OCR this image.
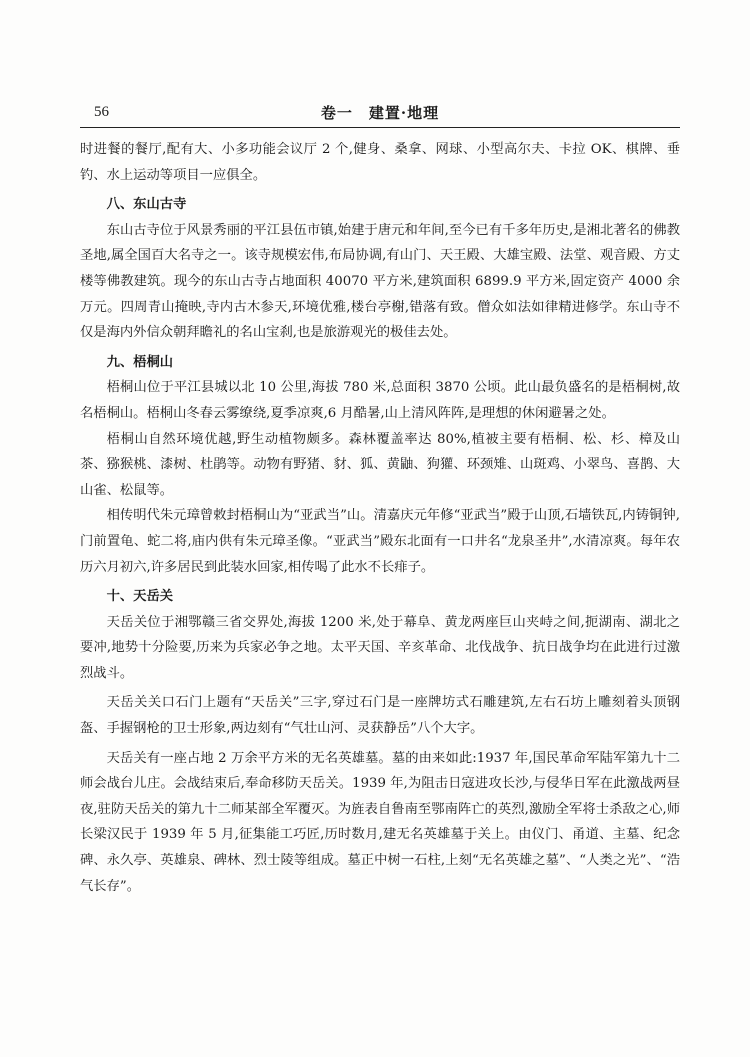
56	卷一　建置·地理

时进餐的餐厅,配有大、小多功能会议厅 2 个,健身、桑拿、网球、小型高尔夫、卡拉 OK、棋牌、垂钓、水上运动等项目一应俱全。

八、东山古寺

东山古寺位于风景秀丽的平江县伍市镇,始建于唐元和年间,至今已有千多年历史,是湘北著名的佛教圣地,属全国百大名寺之一。该寺规模宏伟,布局协调,有山门、天王殿、大雄宝殿、法堂、观音殿、方丈楼等佛教建筑。现今的东山古寺占地面积 40070 平方米,建筑面积 6899.9 平方米,固定资产 4000 余万元。四周青山掩映,寺内古木参天,环境优雅,楼台亭榭,错落有致。僧众如法如律精进修学。东山寺不仅是海内外信众朝拜瞻礼的名山宝刹,也是旅游观光的极佳去处。

九、梧桐山

梧桐山位于平江县城以北 10 公里,海拔 780 米,总面积 3870 公顷。此山最负盛名的是梧桐树,故名梧桐山。梧桐山冬春云雾缭绕,夏季凉爽,6 月酷暑,山上清风阵阵,是理想的休闲避暑之处。

梧桐山自然环境优越,野生动植物颇多。森林覆盖率达 80%,植被主要有梧桐、松、杉、樟及山茶、猕猴桃、漆树、杜鹃等。动物有野猪、豺、狐、黄鼬、狗獾、环颈雉、山斑鸡、小翠鸟、喜鹊、大山雀、松鼠等。

相传明代朱元璋曾敕封梧桐山为“亚武当”山。清嘉庆元年修“亚武当”殿于山顶,石墙铁瓦,内铸铜钟,门前置龟、蛇二将,庙内供有朱元璋圣像。“亚武当”殿东北面有一口井名“龙泉圣井”,水清凉爽。每年农历六月初六,许多居民到此装水回家,相传喝了此水不长痱子。

十、天岳关

天岳关位于湘鄂赣三省交界处,海拔 1200 米,处于幕阜、黄龙两座巨山夹峙之间,扼湖南、湖北之要冲,地势十分险要,历来为兵家必争之地。太平天国、辛亥革命、北伐战争、抗日战争均在此进行过激烈战斗。

天岳关关口石门上题有“天岳关”三字,穿过石门是一座牌坊式石雕建筑,左右石坊上雕刻着头顶钢盔、手握钢枪的卫士形象,两边刻有“气壮山河、灵获静岳”八个大字。

天岳关有一座占地 2 万余平方米的无名英雄墓。墓的由来如此:1937 年,国民革命军陆军第九十二师会战台儿庄。会战结束后,奉命移防天岳关。1939 年,为阻击日寇进攻长沙,与侵华日军在此激战两昼夜,驻防天岳关的第九十二师某部全军覆灭。为旌表自鲁南至鄂南阵亡的英烈,激励全军将士杀敌之心,师长梁汉民于 1939 年 5 月,征集能工巧匠,历时数月,建无名英雄墓于关上。由仪门、甬道、主墓、纪念碑、永久亭、英雄泉、碑林、烈士陵等组成。墓正中树一石柱,上刻“无名英雄之墓”、“人类之光”、“浩气长存”。
